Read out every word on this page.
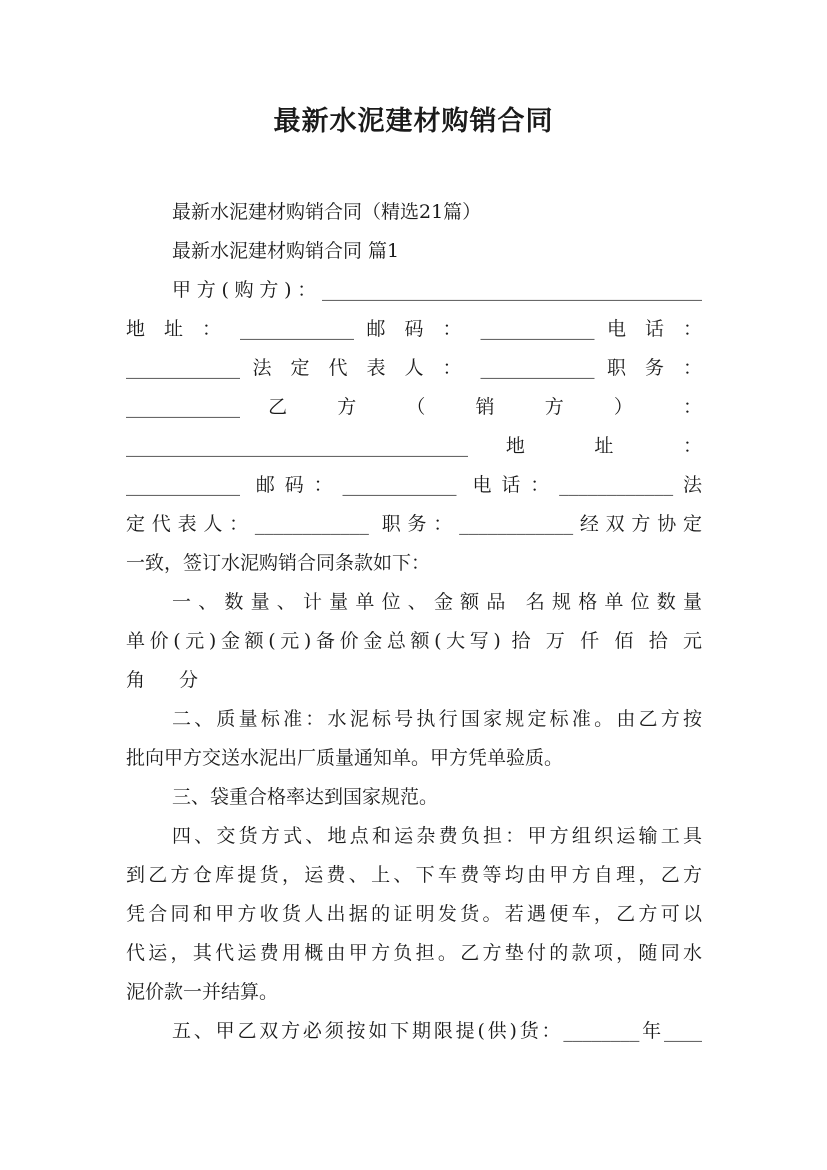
最新水泥建材购销合同
最新水泥建材购销合同（精选21篇）
最新水泥建材购销合同 篇1
甲方(购方)：________________________________________
地 址 ： ____________ 邮 码 ： ____________ 电 话 ：
____________ 法 定 代 表 人 ： ____________ 职 务 ：
____________ 乙 方 （ 销 方 ） ：
____________________________________ 地 址 ：
____________ 邮码：____________ 电话：____________法
定代表人：____________ 职务：____________经双方协定
一致，签订水泥购销合同条款如下：
一、数量、计量单位、金额品 名规格单位数量
单价(元)金额(元)备价金总额(大写) 拾 万 仟 佰 拾 元
角 分
二、质量标准：水泥标号执行国家规定标准。由乙方按
批向甲方交送水泥出厂质量通知单。甲方凭单验质。
三、袋重合格率达到国家规范。
四、交货方式、地点和运杂费负担：甲方组织运输工具
到乙方仓库提货，运费、上、下车费等均由甲方自理，乙方
凭合同和甲方收货人出据的证明发货。若遇便车，乙方可以
代运，其代运费用概由甲方负担。乙方垫付的款项，随同水
泥价款一并结算。
五、甲乙双方必须按如下期限提(供)货：________年____
